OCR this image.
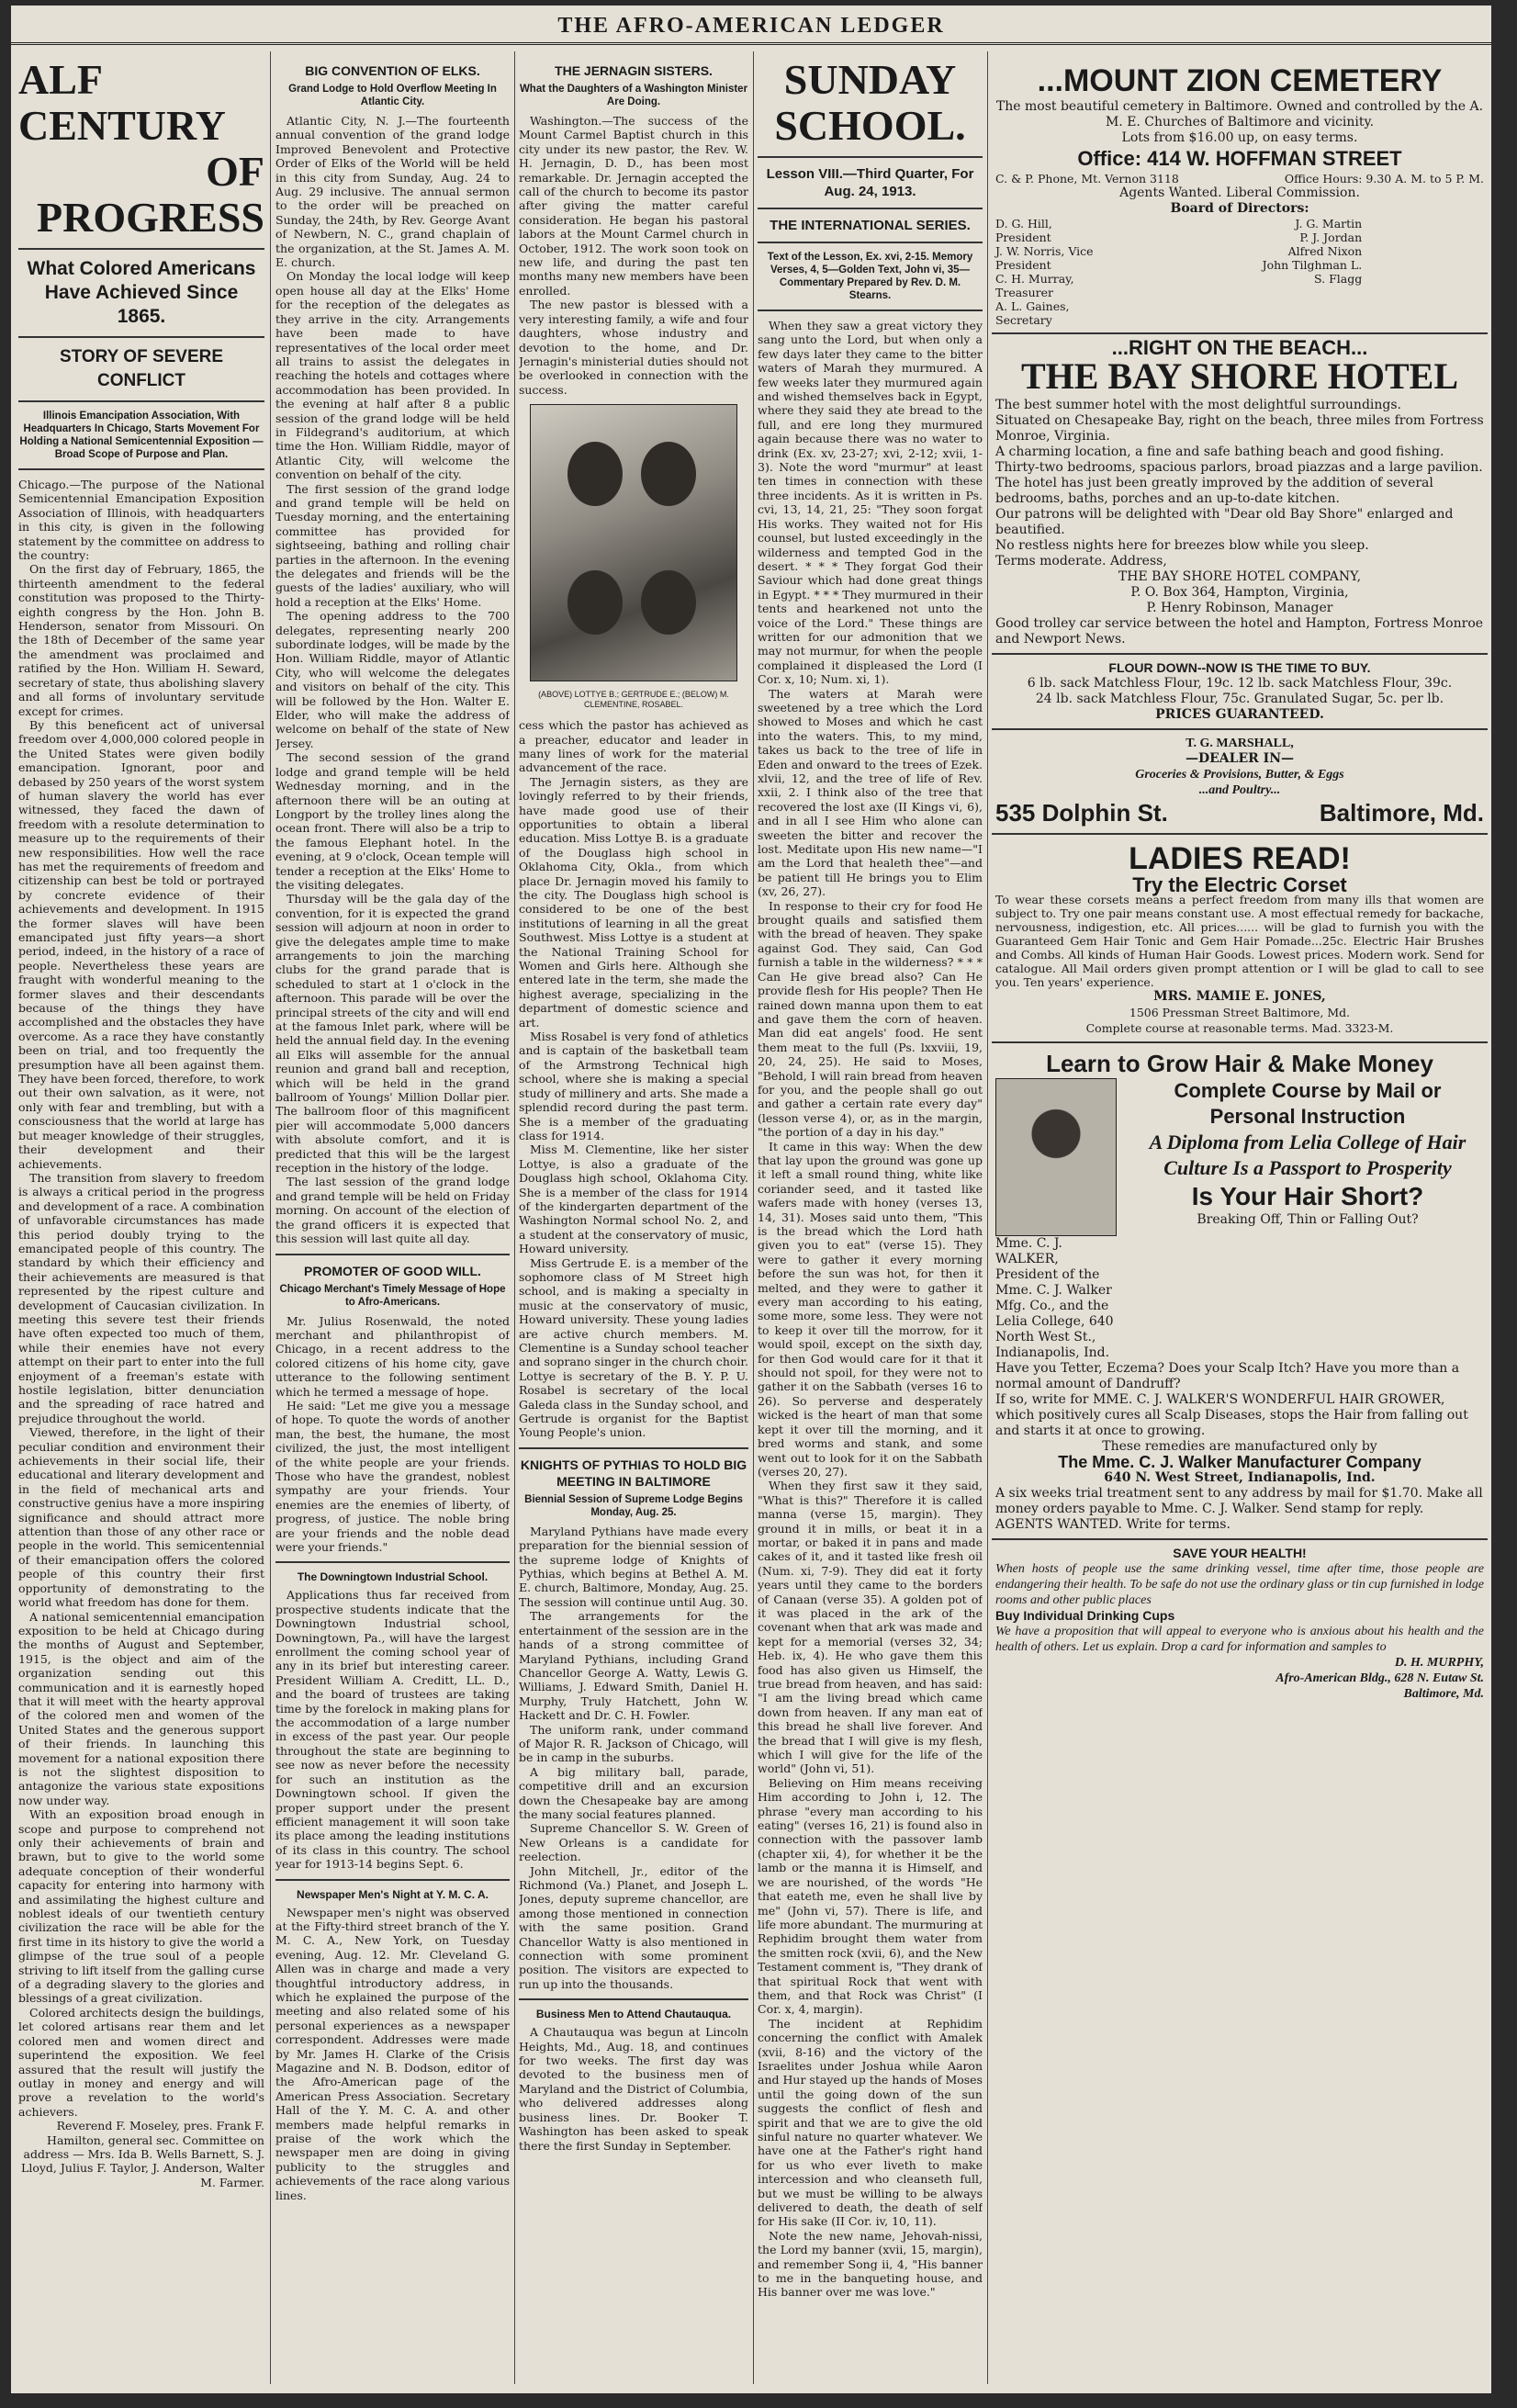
THE AFRO-AMERICAN LEDGER

ALF CENTURY

OF PROGRESS

What Colored Americans Have Achieved Since 1865.

STORY OF SEVERE CONFLICT

Illinois Emancipation Association, With Headquarters In Chicago, Starts Movement For Holding a National Semicentennial Exposition — Broad Scope of Purpose and Plan.

Chicago.—The purpose of the National Semicentennial Emancipation Exposition Association of Illinois, with headquarters in this city, is given in the following statement by the committee on address to the country:

On the first day of February, 1865, the thirteenth amendment to the federal constitution was proposed to the Thirty-eighth congress by the Hon. John B. Henderson, senator from Missouri. On the 18th of December of the same year the amendment was proclaimed and ratified by the Hon. William H. Seward, secretary of state, thus abolishing slavery and all forms of involuntary servitude except for crimes.

By this beneficent act of universal freedom over 4,000,000 colored people in the United States were given bodily emancipation. Ignorant, poor and debased by 250 years of the worst system of human slavery the world has ever witnessed, they faced the dawn of freedom with a resolute determination to measure up to the requirements of their new responsibilities. How well the race has met the requirements of freedom and citizenship can best be told or portrayed by concrete evidence of their achievements and development. In 1915 the former slaves will have been emancipated just fifty years—a short period, indeed, in the history of a race of people. Nevertheless these years are fraught with wonderful meaning to the former slaves and their descendants because of the things they have accomplished and the obstacles they have overcome. As a race they have constantly been on trial, and too frequently the presumption have all been against them. They have been forced, therefore, to work out their own salvation, as it were, not only with fear and trembling, but with a consciousness that the world at large has but meager knowledge of their struggles, their development and their achievements.

The transition from slavery to freedom is always a critical period in the progress and development of a race. A combination of unfavorable circumstances has made this period doubly trying to the emancipated people of this country. The standard by which their efficiency and their achievements are measured is that represented by the ripest culture and development of Caucasian civilization. In meeting this severe test their friends have often expected too much of them, while their enemies have not every attempt on their part to enter into the full enjoyment of a freeman's estate with hostile legislation, bitter denunciation and the spreading of race hatred and prejudice throughout the world.

Viewed, therefore, in the light of their peculiar condition and environment their achievements in their social life, their educational and literary development and in the field of mechanical arts and constructive genius have a more inspiring significance and should attract more attention than those of any other race or people in the world. This semicentennial of their emancipation offers the colored people of this country their first opportunity of demonstrating to the world what freedom has done for them.

A national semicentennial emancipation exposition to be held at Chicago during the months of August and September, 1915, is the object and aim of the organization sending out this communication and it is earnestly hoped that it will meet with the hearty approval of the colored men and women of the United States and the generous support of their friends. In launching this movement for a national exposition there is not the slightest disposition to antagonize the various state expositions now under way.

With an exposition broad enough in scope and purpose to comprehend not only their achievements of brain and brawn, but to give to the world some adequate conception of their wonderful capacity for entering into harmony with and assimilating the highest culture and noblest ideals of our twentieth century civilization the race will be able for the first time in its history to give the world a glimpse of the true soul of a people striving to lift itself from the galling curse of a degrading slavery to the glories and blessings of a great civilization.

Colored architects design the buildings, let colored artisans rear them and let colored men and women direct and superintend the exposition. We feel assured that the result will justify the outlay in money and energy and will prove a revelation to the world's achievers.

Reverend F. Moseley, pres. Frank F. Hamilton, general sec. Committee on address — Mrs. Ida B. Wells Barnett, S. J. Lloyd, Julius F. Taylor, J. Anderson, Walter M. Farmer.

BIG CONVENTION OF ELKS.

Grand Lodge to Hold Overflow Meeting In Atlantic City.

Atlantic City, N. J.—The fourteenth annual convention of the grand lodge Improved Benevolent and Protective Order of Elks of the World will be held in this city from Sunday, Aug. 24 to Aug. 29 inclusive. The annual sermon to the order will be preached on Sunday, the 24th, by Rev. George Avant of Newbern, N. C., grand chaplain of the organization, at the St. James A. M. E. church.

On Monday the local lodge will keep open house all day at the Elks' Home for the reception of the delegates as they arrive in the city. Arrangements have been made to have representatives of the local order meet all trains to assist the delegates in reaching the hotels and cottages where accommodation has been provided. In the evening at half after 8 a public session of the grand lodge will be held in Fildegrand's auditorium, at which time the Hon. William Riddle, mayor of Atlantic City, will welcome the convention on behalf of the city.

The first session of the grand lodge and grand temple will be held on Tuesday morning, and the entertaining committee has provided for sightseeing, bathing and rolling chair parties in the afternoon. In the evening the delegates and friends will be the guests of the ladies' auxiliary, who will hold a reception at the Elks' Home.

The opening address to the 700 delegates, representing nearly 200 subordinate lodges, will be made by the Hon. William Riddle, mayor of Atlantic City, who will welcome the delegates and visitors on behalf of the city. This will be followed by the Hon. Walter E. Elder, who will make the address of welcome on behalf of the state of New Jersey.

The second session of the grand lodge and grand temple will be held Wednesday morning, and in the afternoon there will be an outing at Longport by the trolley lines along the ocean front. There will also be a trip to the famous Elephant hotel. In the evening, at 9 o'clock, Ocean temple will tender a reception at the Elks' Home to the visiting delegates.

Thursday will be the gala day of the convention, for it is expected the grand session will adjourn at noon in order to give the delegates ample time to make arrangements to join the marching clubs for the grand parade that is scheduled to start at 1 o'clock in the afternoon. This parade will be over the principal streets of the city and will end at the famous Inlet park, where will be held the annual field day. In the evening all Elks will assemble for the annual reunion and grand ball and reception, which will be held in the grand ballroom of Youngs' Million Dollar pier. The ballroom floor of this magnificent pier will accommodate 5,000 dancers with absolute comfort, and it is predicted that this will be the largest reception in the history of the lodge.

The last session of the grand lodge and grand temple will be held on Friday morning. On account of the election of the grand officers it is expected that this session will last quite all day.

PROMOTER OF GOOD WILL.

Chicago Merchant's Timely Message of Hope to Afro-Americans.

Mr. Julius Rosenwald, the noted merchant and philanthropist of Chicago, in a recent address to the colored citizens of his home city, gave utterance to the following sentiment which he termed a message of hope.

He said: "Let me give you a message of hope. To quote the words of another man, the best, the humane, the most civilized, the just, the most intelligent of the white people are your friends. Those who have the grandest, noblest sympathy are your friends. Your enemies are the enemies of liberty, of progress, of justice. The noble bring are your friends and the noble dead were your friends."

The Downingtown Industrial School.

Applications thus far received from prospective students indicate that the Downingtown Industrial school, Downingtown, Pa., will have the largest enrollment the coming school year of any in its brief but interesting career. President William A. Creditt, LL. D., and the board of trustees are taking time by the forelock in making plans for the accommodation of a large number in excess of the past year. Our people throughout the state are beginning to see now as never before the necessity for such an institution as the Downingtown school. If given the proper support under the present efficient management it will soon take its place among the leading institutions of its class in this country. The school year for 1913-14 begins Sept. 6.

Newspaper Men's Night at Y. M. C. A.

Newspaper men's night was observed at the Fifty-third street branch of the Y. M. C. A., New York, on Tuesday evening, Aug. 12. Mr. Cleveland G. Allen was in charge and made a very thoughtful introductory address, in which he explained the purpose of the meeting and also related some of his personal experiences as a newspaper correspondent. Addresses were made by Mr. James H. Clarke of the Crisis Magazine and N. B. Dodson, editor of the Afro-American page of the American Press Association. Secretary Hall of the Y. M. C. A. and other members made helpful remarks in praise of the work which the newspaper men are doing in giving publicity to the struggles and achievements of the race along various lines.

THE JERNAGIN SISTERS.

What the Daughters of a Washington Minister Are Doing.

Washington.—The success of the Mount Carmel Baptist church in this city under its new pastor, the Rev. W. H. Jernagin, D. D., has been most remarkable. Dr. Jernagin accepted the call of the church to become its pastor after giving the matter careful consideration. He began his pastoral labors at the Mount Carmel church in October, 1912. The work soon took on new life, and during the past ten months many new members have been enrolled.

The new pastor is blessed with a very interesting family, a wife and four daughters, whose industry and devotion to the home, and Dr. Jernagin's ministerial duties should not be overlooked in connection with the success.

(ABOVE) LOTTYE B.; GERTRUDE E.; (BELOW) M. CLEMENTINE, ROSABEL.

cess which the pastor has achieved as a preacher, educator and leader in many lines of work for the material advancement of the race.

The Jernagin sisters, as they are lovingly referred to by their friends, have made good use of their opportunities to obtain a liberal education. Miss Lottye B. is a graduate of the Douglass high school in Oklahoma City, Okla., from which place Dr. Jernagin moved his family to the city. The Douglass high school is considered to be one of the best institutions of learning in all the great Southwest. Miss Lottye is a student at the National Training School for Women and Girls here. Although she entered late in the term, she made the highest average, specializing in the department of domestic science and art.

Miss Rosabel is very fond of athletics and is captain of the basketball team of the Armstrong Technical high school, where she is making a special study of millinery and arts. She made a splendid record during the past term. She is a member of the graduating class for 1914.

Miss M. Clementine, like her sister Lottye, is also a graduate of the Douglass high school, Oklahoma City. She is a member of the class for 1914 of the kindergarten department of the Washington Normal school No. 2, and a student at the conservatory of music, Howard university.

Miss Gertrude E. is a member of the sophomore class of M Street high school, and is making a specialty in music at the conservatory of music, Howard university. These young ladies are active church members. M. Clementine is a Sunday school teacher and soprano singer in the church choir. Lottye is secretary of the B. Y. P. U. Rosabel is secretary of the local Galeda class in the Sunday school, and Gertrude is organist for the Baptist Young People's union.

KNIGHTS OF PYTHIAS TO HOLD BIG MEETING IN BALTIMORE

Biennial Session of Supreme Lodge Begins Monday, Aug. 25.

Maryland Pythians have made every preparation for the biennial session of the supreme lodge of Knights of Pythias, which begins at Bethel A. M. E. church, Baltimore, Monday, Aug. 25. The session will continue until Aug. 30.

The arrangements for the entertainment of the session are in the hands of a strong committee of Maryland Pythians, including Grand Chancellor George A. Watty, Lewis G. Williams, J. Edward Smith, Daniel H. Murphy, Truly Hatchett, John W. Hackett and Dr. C. H. Fowler.

The uniform rank, under command of Major R. R. Jackson of Chicago, will be in camp in the suburbs.

A big military ball, parade, competitive drill and an excursion down the Chesapeake bay are among the many social features planned.

Supreme Chancellor S. W. Green of New Orleans is a candidate for reelection.

John Mitchell, Jr., editor of the Richmond (Va.) Planet, and Joseph L. Jones, deputy supreme chancellor, are among those mentioned in connection with the same position. Grand Chancellor Watty is also mentioned in connection with some prominent position. The visitors are expected to run up into the thousands.

Business Men to Attend Chautauqua.

A Chautauqua was begun at Lincoln Heights, Md., Aug. 18, and continues for two weeks. The first day was devoted to the business men of Maryland and the District of Columbia, who delivered addresses along business lines. Dr. Booker T. Washington has been asked to speak there the first Sunday in September.

SUNDAY SCHOOL.

Lesson VIII.—Third Quarter, For Aug. 24, 1913.

THE INTERNATIONAL SERIES.

Text of the Lesson, Ex. xvi, 2-15. Memory Verses, 4, 5—Golden Text, John vi, 35—Commentary Prepared by Rev. D. M. Stearns.

When they saw a great victory they sang unto the Lord, but when only a few days later they came to the bitter waters of Marah they murmured. A few weeks later they murmured again and wished themselves back in Egypt, where they said they ate bread to the full, and ere long they murmured again because there was no water to drink (Ex. xv, 23-27; xvi, 2-12; xvii, 1-3). Note the word "murmur" at least ten times in connection with these three incidents. As it is written in Ps. cvi, 13, 14, 21, 25: "They soon forgat His works. They waited not for His counsel, but lusted exceedingly in the wilderness and tempted God in the desert. * * * They forgat God their Saviour which had done great things in Egypt. * * * They murmured in their tents and hearkened not unto the voice of the Lord." These things are written for our admonition that we may not murmur, for when the people complained it displeased the Lord (I Cor. x, 10; Num. xi, 1).

The waters at Marah were sweetened by a tree which the Lord showed to Moses and which he cast into the waters. This, to my mind, takes us back to the tree of life in Eden and onward to the trees of Ezek. xlvii, 12, and the tree of life of Rev. xxii, 2. I think also of the tree that recovered the lost axe (II Kings vi, 6), and in all I see Him who alone can sweeten the bitter and recover the lost. Meditate upon His new name—"I am the Lord that healeth thee"—and be patient till He brings you to Elim (xv, 26, 27).

In response to their cry for food He brought quails and satisfied them with the bread of heaven. They spake against God. They said, Can God furnish a table in the wilderness? * * * Can He give bread also? Can He provide flesh for His people? Then He rained down manna upon them to eat and gave them the corn of heaven. Man did eat angels' food. He sent them meat to the full (Ps. lxxviii, 19, 20, 24, 25). He said to Moses, "Behold, I will rain bread from heaven for you, and the people shall go out and gather a certain rate every day" (lesson verse 4), or, as in the margin, "the portion of a day in his day."

It came in this way: When the dew that lay upon the ground was gone up it left a small round thing, white like coriander seed, and it tasted like wafers made with honey (verses 13, 14, 31). Moses said unto them, "This is the bread which the Lord hath given you to eat" (verse 15). They were to gather it every morning before the sun was hot, for then it melted, and they were to gather it every man according to his eating, some more, some less. They were not to keep it over till the morrow, for it would spoil, except on the sixth day, for then God would care for it that it should not spoil, for they were not to gather it on the Sabbath (verses 16 to 26). So perverse and desperately wicked is the heart of man that some kept it over till the morning, and it bred worms and stank, and some went out to look for it on the Sabbath (verses 20, 27).

When they first saw it they said, "What is this?" Therefore it is called manna (verse 15, margin). They ground it in mills, or beat it in a mortar, or baked it in pans and made cakes of it, and it tasted like fresh oil (Num. xi, 7-9). They did eat it forty years until they came to the borders of Canaan (verse 35). A golden pot of it was placed in the ark of the covenant when that ark was made and kept for a memorial (verses 32, 34; Heb. ix, 4). He who gave them this food has also given us Himself, the true bread from heaven, and has said: "I am the living bread which came down from heaven. If any man eat of this bread he shall live forever. And the bread that I will give is my flesh, which I will give for the life of the world" (John vi, 51).

Believing on Him means receiving Him according to John i, 12. The phrase "every man according to his eating" (verses 16, 21) is found also in connection with the passover lamb (chapter xii, 4), for whether it be the lamb or the manna it is Himself, and we are nourished, of the words "He that eateth me, even he shall live by me" (John vi, 57). There is life, and life more abundant. The murmuring at Rephidim brought them water from the smitten rock (xvii, 6), and the New Testament comment is, "They drank of that spiritual Rock that went with them, and that Rock was Christ" (I Cor. x, 4, margin).

The incident at Rephidim concerning the conflict with Amalek (xvii, 8-16) and the victory of the Israelites under Joshua while Aaron and Hur stayed up the hands of Moses until the going down of the sun suggests the conflict of flesh and spirit and that we are to give the old sinful nature no quarter whatever. We have one at the Father's right hand for us who ever liveth to make intercession and who cleanseth full, but we must be willing to be always delivered to death, the death of self for His sake (II Cor. iv, 10, 11).

Note the new name, Jehovah-nissi, the Lord my banner (xvii, 15, margin), and remember Song ii, 4, "His banner to me in the banqueting house, and His banner over me was love."

...MOUNT ZION CEMETERY

The most beautiful cemetery in Baltimore. Owned and controlled by the A. M. E. Churches of Baltimore and vicinity.

Lots from $16.00 up, on easy terms.

Office: 414 W. HOFFMAN STREET

C. & P. Phone, Mt. Vernon 3118	Office Hours: 9.30 A. M. to 5 P. M.

Agents Wanted. Liberal Commission.

Board of Directors:

D. G. Hill, President
J. W. Norris, Vice President
C. H. Murray, Treasurer
A. L. Gaines, Secretary
J. G. Martin
P. J. Jordan
Alfred Nixon
John Tilghman L. S. Flagg

...RIGHT ON THE BEACH...

THE BAY SHORE HOTEL

The best summer hotel with the most delightful surroundings.

Situated on Chesapeake Bay, right on the beach, three miles from Fortress Monroe, Virginia.

A charming location, a fine and safe bathing beach and good fishing.

Thirty-two bedrooms, spacious parlors, broad piazzas and a large pavilion.

The hotel has just been greatly improved by the addition of several bedrooms, baths, porches and an up-to-date kitchen.

Our patrons will be delighted with "Dear old Bay Shore" enlarged and beautified.

No restless nights here for breezes blow while you sleep.

Terms moderate. Address,

THE BAY SHORE HOTEL COMPANY,

P. O. Box 364, Hampton, Virginia,

P. Henry Robinson, Manager

Good trolley car service between the hotel and Hampton, Fortress Monroe and Newport News.

FLOUR DOWN--NOW IS THE TIME TO BUY.

6 lb. sack Matchless Flour, 19c. 12 lb. sack Matchless Flour, 39c.

24 lb. sack Matchless Flour, 75c. Granulated Sugar, 5c. per lb.

PRICES GUARANTEED.

T. G. MARSHALL,

—DEALER IN—

Groceries & Provisions, Butter, & Eggs

...and Poultry...

535 Dolphin St.	Baltimore, Md.

LADIES READ!

Try the Electric Corset

To wear these corsets means a perfect freedom from many ills that women are subject to. Try one pair means constant use. A most effectual remedy for backache, nervousness, indigestion, etc. All prices...... will be glad to furnish you with the Guaranteed Gem Hair Tonic and Gem Hair Pomade...25c. Electric Hair Brushes and Combs. All kinds of Human Hair Goods. Lowest prices. Modern work. Send for catalogue. All Mail orders given prompt attention or I will be glad to call to see you. Ten years' experience.

MRS. MAMIE E. JONES,

1506 Pressman Street Baltimore, Md.

Complete course at reasonable terms. Mad. 3323-M.

Learn to Grow Hair & Make Money

Mme. C. J. WALKER, President of the Mme. C. J. Walker Mfg. Co., and the Lelia College, 640 North West St., Indianapolis, Ind.

Complete Course by Mail or Personal Instruction

A Diploma from Lelia College of Hair Culture Is a Passport to Prosperity

Is Your Hair Short?

Breaking Off, Thin or Falling Out?

Have you Tetter, Eczema? Does your Scalp Itch? Have you more than a normal amount of Dandruff?

If so, write for MME. C. J. WALKER'S WONDERFUL HAIR GROWER, which positively cures all Scalp Diseases, stops the Hair from falling out and starts it at once to growing.

These remedies are manufactured only by

The Mme. C. J. Walker Manufacturer Company

640 N. West Street, Indianapolis, Ind.

A six weeks trial treatment sent to any address by mail for $1.70. Make all money orders payable to Mme. C. J. Walker. Send stamp for reply. AGENTS WANTED. Write for terms.

SAVE YOUR HEALTH!

When hosts of people use the same drinking vessel, time after time, those people are endangering their health. To be safe do not use the ordinary glass or tin cup furnished in lodge rooms and other public places

Buy Individual Drinking Cups

We have a proposition that will appeal to everyone who is anxious about his health and the health of others. Let us explain. Drop a card for information and samples to

D. H. MURPHY,

Afro-American Bldg., 628 N. Eutaw St.

Baltimore, Md.
